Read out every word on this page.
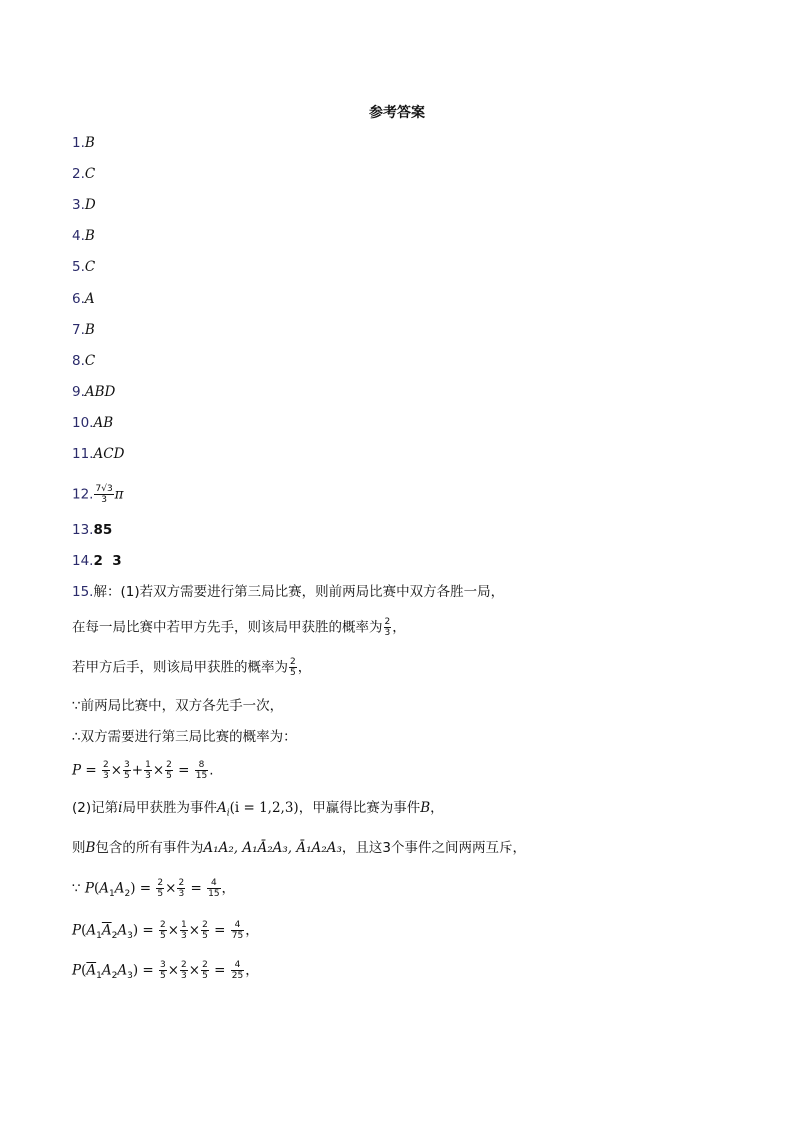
参考答案
1.B
2.C
3.D
4.B
5.C
6.A
7.B
8.C
9.ABD
10.AB
11.ACD
12. $\frac{7√3}{3}$ π
13.85
14.2  3
15.解：(1)若双方需要进行第三局比赛，则前两局比赛中双方各胜一局，
在每一局比赛中若甲方先手，则该局甲获胜的概率为 $\frac{2}{3}$ ，
若甲方后手，则该局甲获胜的概率为 $\frac{2}{5}$ ，
∵前两局比赛中，双方各先手一次，
∴双方需要进行第三局比赛的概率为：
$P = \frac{2}{3} \times \frac{3}{5} + \frac{1}{3} \times \frac{2}{5} = \frac{8}{15}$ .
(2)记第i局甲获胜为事件$A_i(i = 1,2,3)$，甲赢得比赛为事件B，
则B包含的所有事件为A₁A₂, A₁Ā₂A₃, Ā₁A₂A₃，且这3个事件之间两两互斥，
∵ $P(A_1A_2) = \frac{2}{5} \times \frac{2}{3} = \frac{4}{15}$ ，
$P(A_1\overline{A}_2A_3) = \frac{2}{5} \times \frac{1}{3} \times \frac{2}{5} = \frac{4}{75}$ ，
$P(\overline{A}_1A_2A_3) = \frac{3}{5} \times \frac{2}{3} \times \frac{2}{5} = \frac{4}{25}$ ，
